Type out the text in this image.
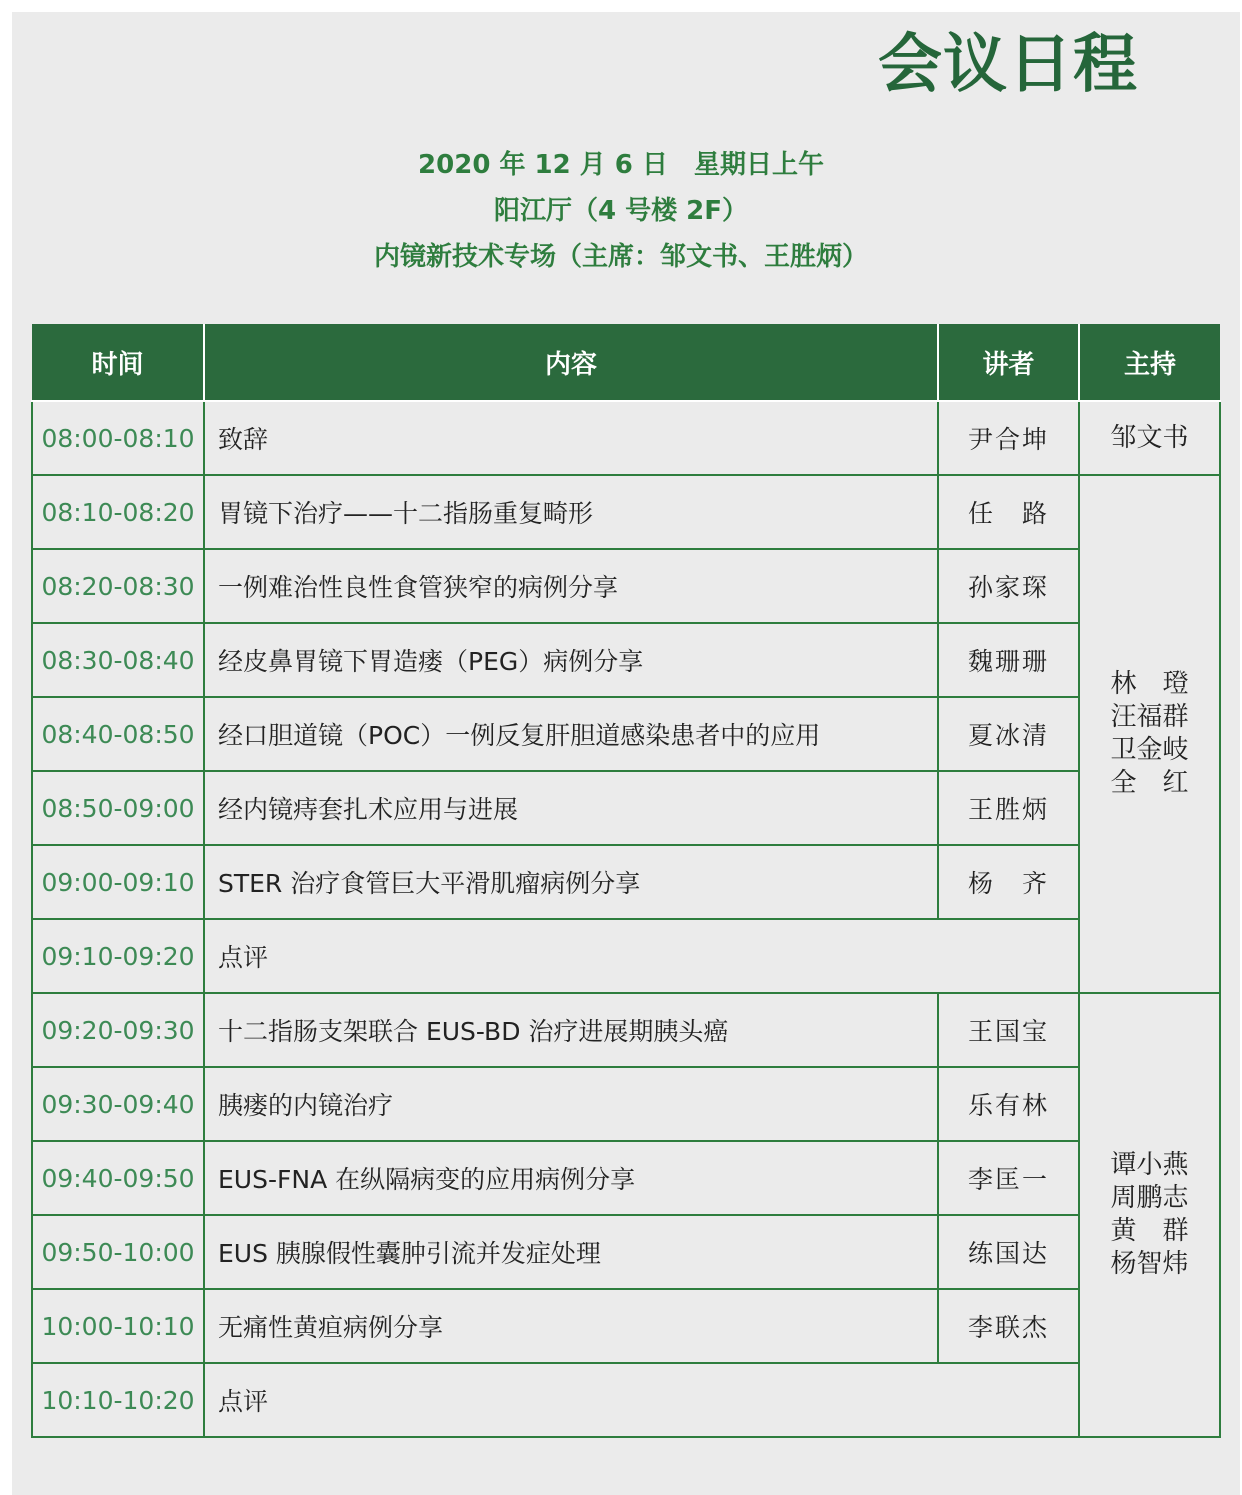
会议日程
2020 年 12 月 6 日　星期日上午
阳江厅（4 号楼 2F）
内镜新技术专场（主席：邹文书、王胜炳）
时间	内容	讲者	主持
08:00-08:10	致辞	尹合坤	邹文书

08:10-08:20	胃镜下治疗——十二指肠重复畸形	任　路	林　璒
汪福群
卫金岐
全　红

08:20-08:30	一例难治性良性食管狭窄的病例分享	孙家琛	
08:30-08:40	经皮鼻胃镜下胃造瘘（PEG）病例分享	魏珊珊	
08:40-08:50	经口胆道镜（POC）一例反复肝胆道感染患者中的应用	夏冰清	
08:50-09:00	经内镜痔套扎术应用与进展	王胜炳	
09:00-09:10	STER 治疗食管巨大平滑肌瘤病例分享	杨　齐	
09:10-09:20	点评		
09:20-09:30	十二指肠支架联合 EUS-BD 治疗进展期胰头癌	王国宝	谭小燕
周鹏志
黄　群
杨智炜

09:30-09:40	胰瘘的内镜治疗	乐有林	
09:40-09:50	EUS-FNA 在纵隔病变的应用病例分享	李匡一	
09:50-10:00	EUS 胰腺假性囊肿引流并发症处理	练国达	
10:00-10:10	无痛性黄疸病例分享	李联杰	
10:10-10:20	点评		
